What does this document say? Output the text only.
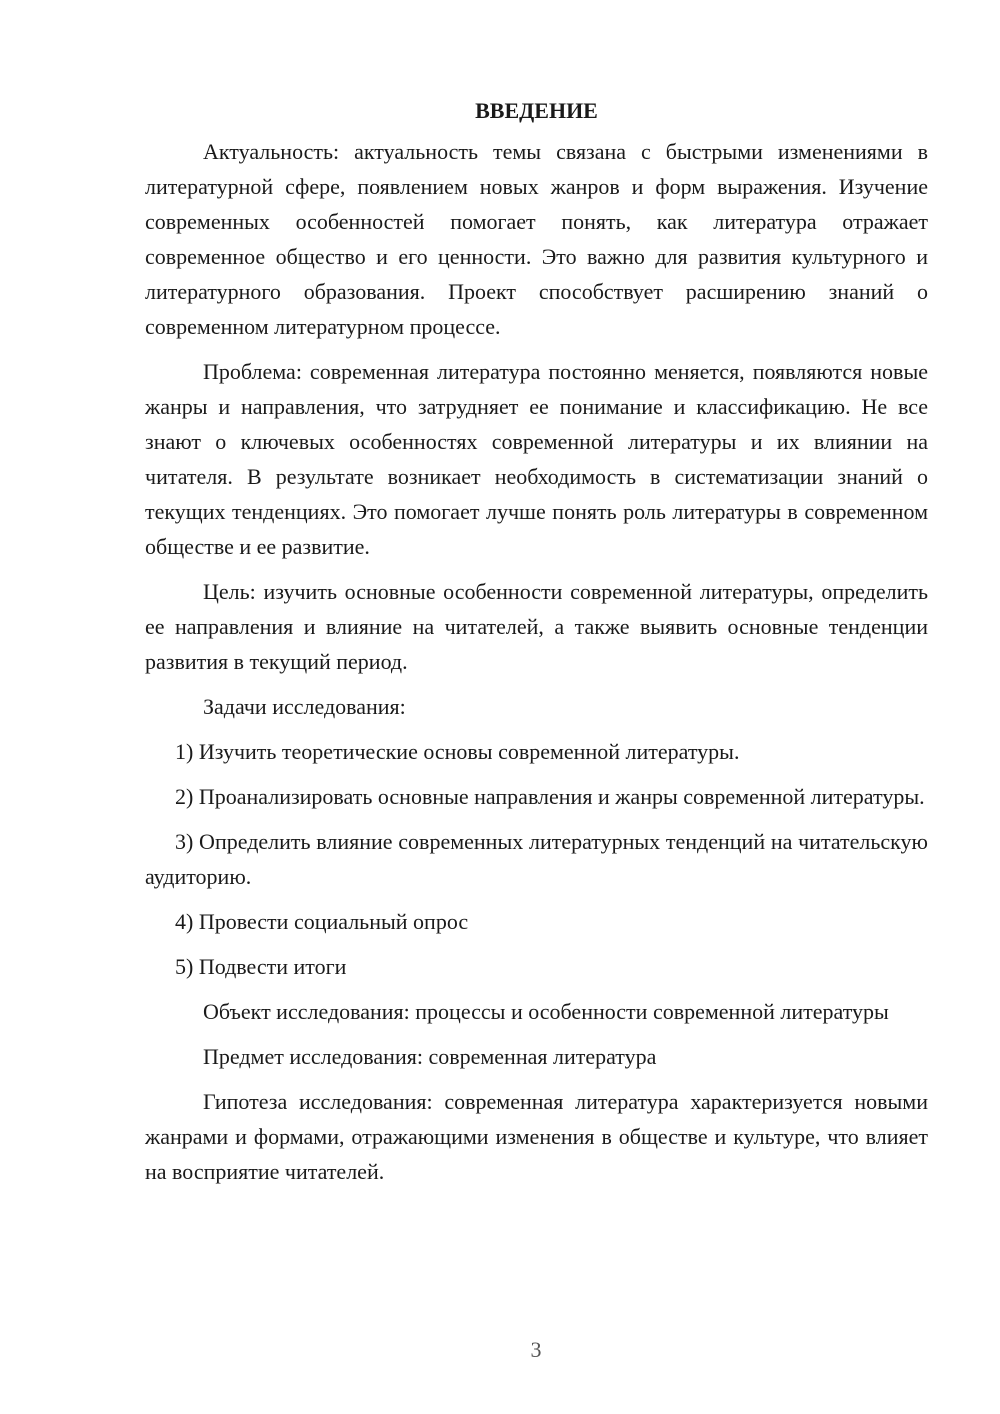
ВВЕДЕНИЕ

Актуальность: актуальность темы связана с быстрыми изменениями в литературной сфере, появлением новых жанров и форм выражения. Изучение современных особенностей помогает понять, как литература отражает современное общество и его ценности. Это важно для развития культурного и литературного образования. Проект способствует расширению знаний о современном литературном процессе.

Проблема: современная литература постоянно меняется, появляются новые жанры и направления, что затрудняет ее понимание и классификацию. Не все знают о ключевых особенностях современной литературы и их влиянии на читателя. В результате возникает необходимость в систематизации знаний о текущих тенденциях. Это помогает лучше понять роль литературы в современном обществе и ее развитие.

Цель: изучить основные особенности современной литературы, определить ее направления и влияние на читателей, а также выявить основные тенденции развития в текущий период.

Задачи исследования:

1) Изучить теоретические основы современной литературы.

2) Проанализировать основные направления и жанры современной литературы.

3) Определить влияние современных литературных тенденций на читательскую аудиторию.

4) Провести социальный опрос

5) Подвести итоги

Объект исследования: процессы и особенности современной литературы

Предмет исследования: современная литература

Гипотеза исследования: современная литература характеризуется новыми жанрами и формами, отражающими изменения в обществе и культуре, что влияет на восприятие читателей.

3
